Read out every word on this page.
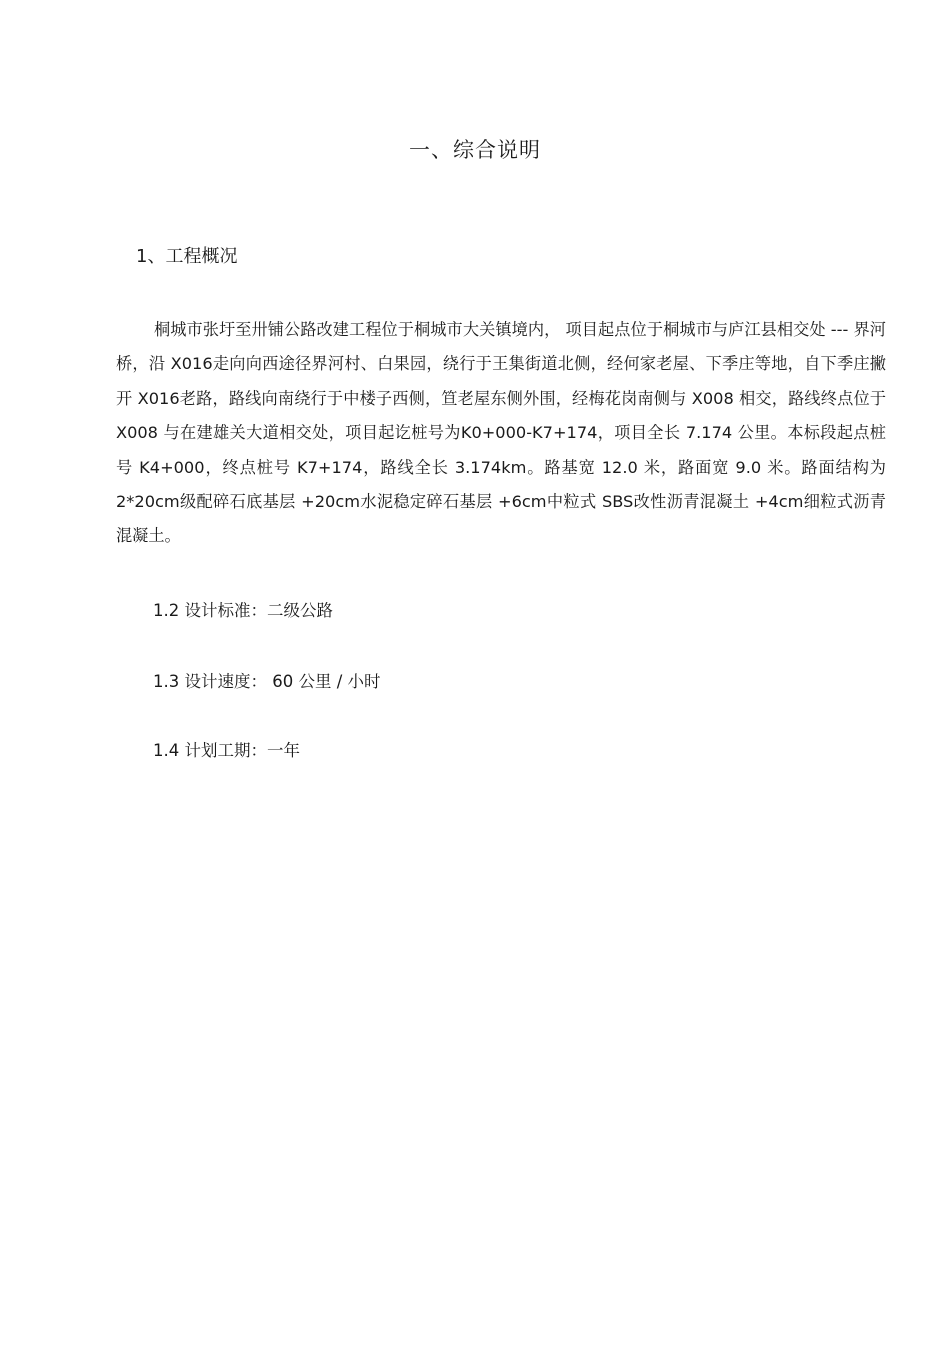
一、综合说明
1、工程概况

桐城市张圩至卅铺公路改建工程位于桐城市大关镇境内， 项目起点位于桐城市与庐江县相交处 --- 界河桥，沿 X016走向向西途径界河村、白果园，绕行于王集街道北侧，经何家老屋、下季庄等地，自下季庄撇开 X016老路，路线向南绕行于中楼子西侧，笪老屋东侧外围，经梅花岗南侧与 X008 相交，路线终点位于 X008 与在建雄关大道相交处，项目起讫桩号为K0+000-K7+174，项目全长 7.174 公里。本标段起点桩号 K4+000，终点桩号 K7+174，路线全长 3.174km。路基宽 12.0 米，路面宽 9.0 米。路面结构为 2*20cm级配碎石底基层 +20cm水泥稳定碎石基层 +6cm中粒式 SBS改性沥青混凝土 +4cm细粒式沥青混凝土。

1.2 设计标准：二级公路

1.3 设计速度： 60 公里 / 小时

1.4 计划工期：一年
